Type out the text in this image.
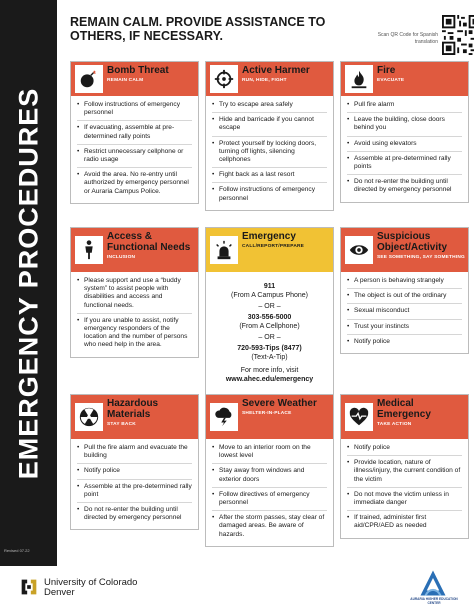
EMERGENCY PROCEDURES
Revised 07.22
REMAIN CALM. PROVIDE ASSISTANCE TO OTHERS, IF NECESSARY.	Scan QR Code for Spanish translation
Bomb Threat
REMAIN CALM
• Follow instructions of emergency personnel
• If evacuating, assemble at pre-determined rally points
• Restrict unnecessary cellphone or radio usage
• Avoid the area. No re-entry until authorized by emergency personnel or Auraria Campus Police.
Active Harmer
RUN, HIDE, FIGHT
• Try to escape area safely
• Hide and barricade if you cannot escape
• Protect yourself by locking doors, turning off lights, silencing cellphones
• Fight back as a last resort
• Follow instructions of emergency personnel
Fire
EVACUATE
• Pull fire alarm
• Leave the building, close doors behind you
• Avoid using elevators
• Assemble at pre-determined rally points
• Do not re-enter the building until directed by emergency personnel
Access & Functional Needs
INCLUSION
• Please support and use a “buddy system” to assist people with disabilities and access and functional needs.
• If you are unable to assist, notify emergency responders of the location and the number of persons who need help in the area.
Emergency
CALL/REPORT/PREPARE
911
(From A Campus Phone)
– OR –
303-556-5000
(From A Cellphone)
– OR –
720-593-Tips (8477)
(Text-A-Tip)
For more info, visit
www.ahec.edu/emergency
Suspicious Object/Activity
SEE SOMETHING, SAY SOMETHING
• A person is behaving strangely
• The object is out of the ordinary
• Sexual misconduct
• Trust your instincts
• Notify police
Hazardous Materials
STAY BACK
• Pull the fire alarm and evacuate the building
• Notify police
• Assemble at the pre-determined rally point
• Do not re-enter the building until directed by emergency personnel
Severe Weather
SHELTER-IN-PLACE
• Move to an interior room on the lowest level
• Stay away from windows and exterior doors
• Follow directives of emergency personnel
• After the storm passes, stay clear of damaged areas. Be aware of hazards.
Medical Emergency
TAKE ACTION
• Notify police
• Provide location, nature of illness/injury, the current condition of the victim
• Do not move the victim unless in immediate danger
• If trained, administer first aid/CPR/AED as needed
University of Colorado
Denver
AURARIA HIGHER EDUCATION CENTER
